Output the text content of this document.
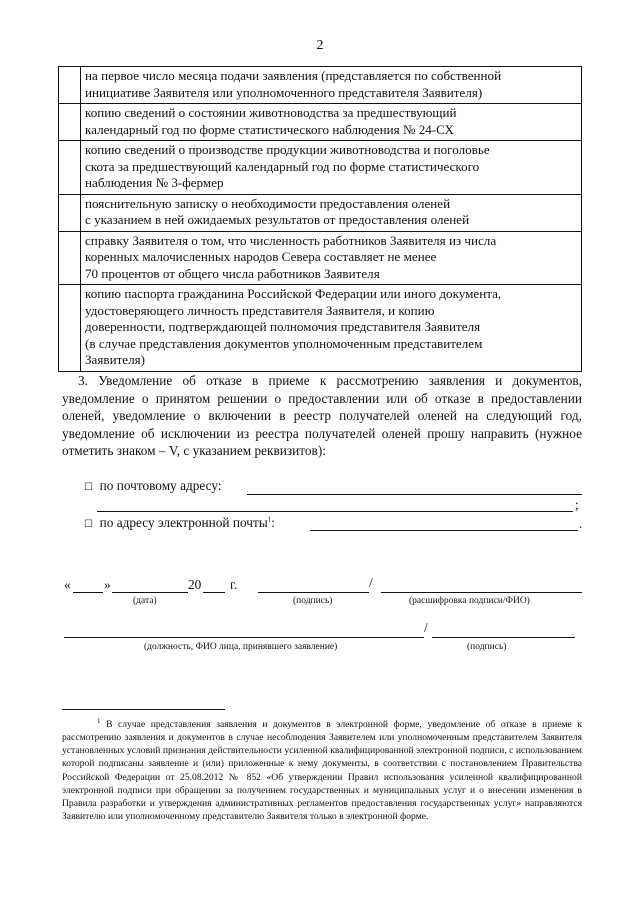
2

	на первое число месяца подачи заявления (представляется по собственной
инициативе Заявителя или уполномоченного представителя Заявителя)

	копию сведений о состоянии животноводства за предшествующий
календарный год по форме статистического наблюдения № 24-СХ

	копию сведений о производстве продукции животноводства и поголовье
скота за предшествующий календарный год по форме статистического
наблюдения № 3-фермер

	пояснительную записку о необходимости предоставления оленей
с указанием в ней ожидаемых результатов от предоставления оленей

	справку Заявителя о том, что численность работников Заявителя из числа
коренных малочисленных народов Севера составляет не менее
70 процентов от общего числа работников Заявителя

	копию паспорта гражданина Российской Федерации или иного документа,
удостоверяющего личность представителя Заявителя, и копию
доверенности, подтверждающей полномочия представителя Заявителя
(в случае представления документов уполномоченным представителем
Заявителя)
3. Уведомление об отказе в приеме к рассмотрению заявления и документов, уведомление о принятом решении о предоставлении или об отказе в предоставлении оленей, уведомление о включении в реестр получателей оленей на следующий год, уведомление об исключении из реестра получателей оленей прошу направить (нужное отметить знаком – V, с указанием реквизитов):
☐ по почтовому адресу:
;
☐ по адресу электронной почты$^1$:	.
«	»	20 г.	/
(дата)	(подпись)	(расшифровка подписи/ФИО)
/
(должность, ФИО лица, принявшего заявление)	(подпись)
$^1$ В случае представления заявления и документов в электронной форме, уведомление об отказе в приеме к рассмотрению заявления и документов в случае несоблюдения Заявителем или уполномоченным представителем Заявителя установленных условий признания действительности усиленной квалифицированной электронной подписи, с использованием которой подписаны заявление и (или) приложенные к нему документы, в соответствии с постановлением Правительства Российской Федерации от 25.08.2012 № 852 «Об утверждении Правил использования усиленной квалифицированной электронной подписи при обращении за получением государственных и муниципальных услуг и о внесении изменения в Правила разработки и утверждения административных регламентов предоставления государственных услуг» направляются Заявителю или уполномоченному представителю Заявителя только в электронной форме.
